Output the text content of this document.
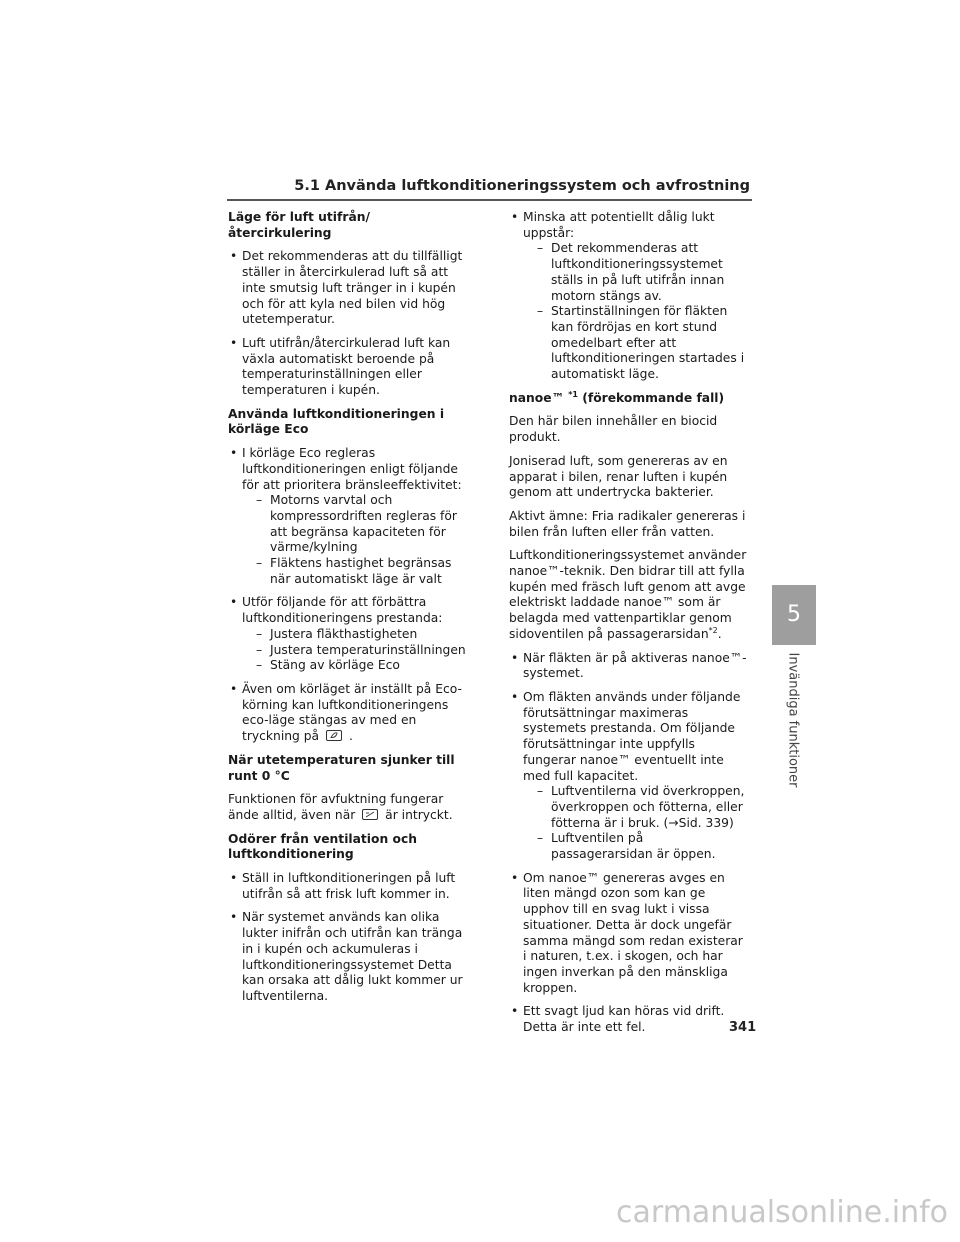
5.1 Använda luftkonditioneringssystem och avfrostning
Läge för luft utifrån/återcirkulering
• Det rekommenderas att du tillfälligt ställer in återcirkulerad luft så att inte smutsig luft tränger in i kupén och för att kyla ned bilen vid hög utetemperatur.
• Luft utifrån/återcirkulerad luft kan växla automatiskt beroende på temperaturinställningen eller temperaturen i kupén.
Använda luftkonditioneringen i körläge Eco
• I körläge Eco regleras luftkonditioneringen enligt följande för att prioritera bränsleeffektivitet:
– Motorns varvtal och kompressordriften regleras för att begränsa kapaciteten för värme/kylning
– Fläktens hastighet begränsas när automatiskt läge är valt
• Utför följande för att förbättra luftkonditioneringens prestanda:
– Justera fläkthastigheten
– Justera temperaturinställningen
– Stäng av körläge Eco
• Även om körläget är inställt på Eco-körning kan luftkonditioneringens eco-läge stängas av med en tryckning på .
När utetemperaturen sjunker till runt 0 °C

Funktionen för avfuktning fungerar ände alltid, även när är intryckt.

Odörer från ventilation och luftkonditionering
• Ställ in luftkonditioneringen på luft utifrån så att frisk luft kommer in.
• När systemet används kan olika lukter inifrån och utifrån kan tränga in i kupén och ackumuleras i luftkonditioneringssystemet Detta kan orsaka att dålig lukt kommer ur luftventilerna.
• Minska att potentiellt dålig lukt uppstår:
– Det rekommenderas att luftkonditioneringssystemet ställs in på luft utifrån innan motorn stängs av.
– Startinställningen för fläkten kan fördröjas en kort stund omedelbart efter att luftkonditioneringen startades i automatiskt läge.
nanoe™ $^{*1}$ (förekommande fall)

Den här bilen innehåller en biocid produkt.

Joniserad luft, som genereras av en apparat i bilen, renar luften i kupén genom att undertrycka bakterier.

Aktivt ämne: Fria radikaler genereras i bilen från luften eller från vatten.

Luftkonditioneringssystemet använder nanoe™-teknik. Den bidrar till att fylla kupén med fräsch luft genom att avge elektriskt laddade nanoe™ som är belagda med vattenpartiklar genom sidoventilen på passagerarsidan$^{*2}$.

• När fläkten är på aktiveras nanoe™-systemet.
• Om fläkten används under följande förutsättningar maximeras systemets prestanda. Om följande förutsättningar inte uppfylls fungerar nanoe™ eventuellt inte med full kapacitet.
– Luftventilerna vid överkroppen, överkroppen och fötterna, eller fötterna är i bruk. (→Sid. 339)
– Luftventilen på passagerarsidan är öppen.
• Om nanoe™ genereras avges en liten mängd ozon som kan ge upphov till en svag lukt i vissa situationer. Detta är dock ungefär samma mängd som redan existerar i naturen, t.ex. i skogen, och har ingen inverkan på den mänskliga kroppen.
• Ett svagt ljud kan höras vid drift. Detta är inte ett fel.
5
Invändiga funktioner
341
carmanualsonline.info
